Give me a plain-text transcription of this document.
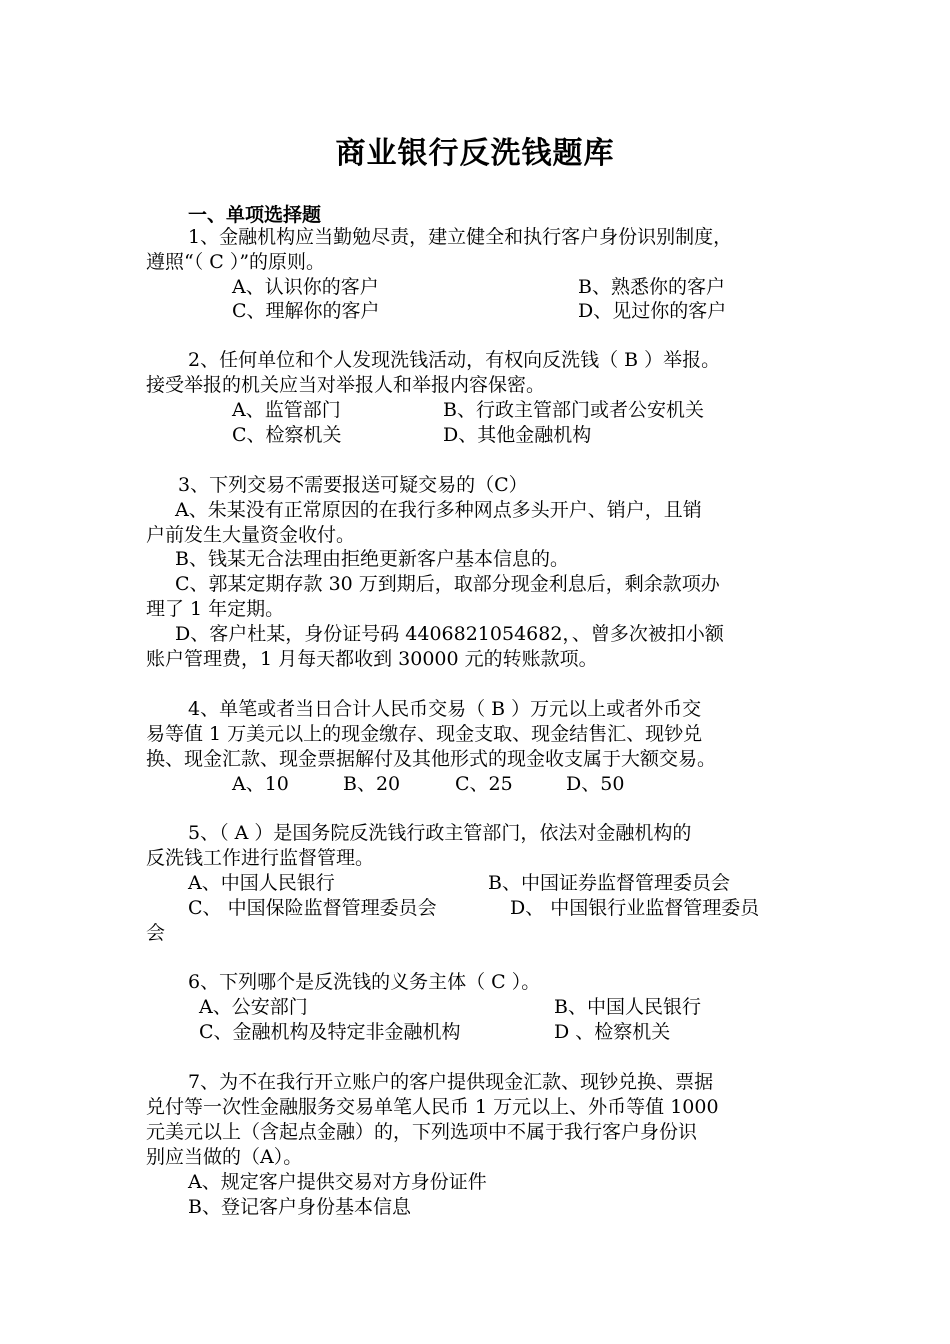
商业银行反洗钱题库
一、单项选择题
1、金融机构应当勤勉尽责，建立健全和执行客户身份识别制度，
遵照“（ C ）”的原则。
A、认识你的客户	B、熟悉你的客户
C、理解你的客户	D、见过你的客户
2、任何单位和个人发现洗钱活动，有权向反洗钱（ B ）举报。
接受举报的机关应当对举报人和举报内容保密。
A、监管部门	B、行政主管部门或者公安机关
C、检察机关	D、其他金融机构
3、下列交易不需要报送可疑交易的（C）
A、朱某没有正常原因的在我行多种网点多头开户、销户，且销
户前发生大量资金收付。
B、钱某无合法理由拒绝更新客户基本信息的。
C、郭某定期存款 30 万到期后，取部分现金利息后，剩余款项办
理了 1 年定期。
D、客户杜某，身份证号码 4406821054682，、曾多次被扣小额
账户管理费，1 月每天都收到 30000 元的转账款项。
4、单笔或者当日合计人民币交易（ B ）万元以上或者外币交
易等值 1 万美元以上的现金缴存、现金支取、现金结售汇、现钞兑
换、现金汇款、现金票据解付及其他形式的现金收支属于大额交易。
A、10	B、20	C、25	D、50
5、（ A ）是国务院反洗钱行政主管部门，依法对金融机构的
反洗钱工作进行监督管理。
A、中国人民银行	B、中国证券监督管理委员会
C、 中国保险监督管理委员会	D、 中国银行业监督管理委员
会
6、下列哪个是反洗钱的义务主体（ C ）。
A、公安部门	B、中国人民银行
C、金融机构及特定非金融机构	D 、检察机关
7、为不在我行开立账户的客户提供现金汇款、现钞兑换、票据
兑付等一次性金融服务交易单笔人民币 1 万元以上、外币等值 1000
元美元以上（含起点金融）的，下列选项中不属于我行客户身份识
别应当做的（A）。
A、规定客户提供交易对方身份证件
B、登记客户身份基本信息
